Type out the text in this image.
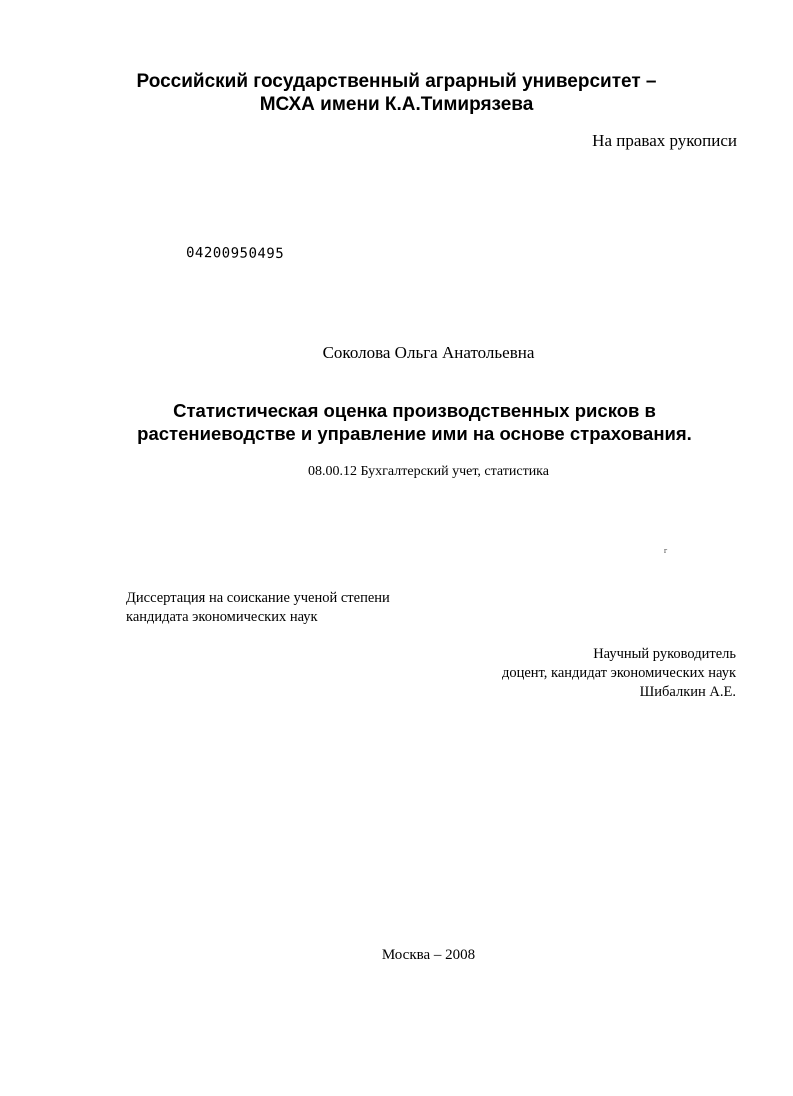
Российский государственный аграрный университет –
МСХА имени К.А.Тимирязева
На правах рукописи
04200950495
Соколова Ольга Анатольевна
Статистическая оценка производственных рисков в
растениеводстве и управление ими на основе страхования.
08.00.12 Бухгалтерский учет, статистика
г
Диссертация на соискание ученой степени
кандидата экономических наук
Научный руководитель
доцент, кандидат экономических наук
Шибалкин А.Е.
Москва – 2008
